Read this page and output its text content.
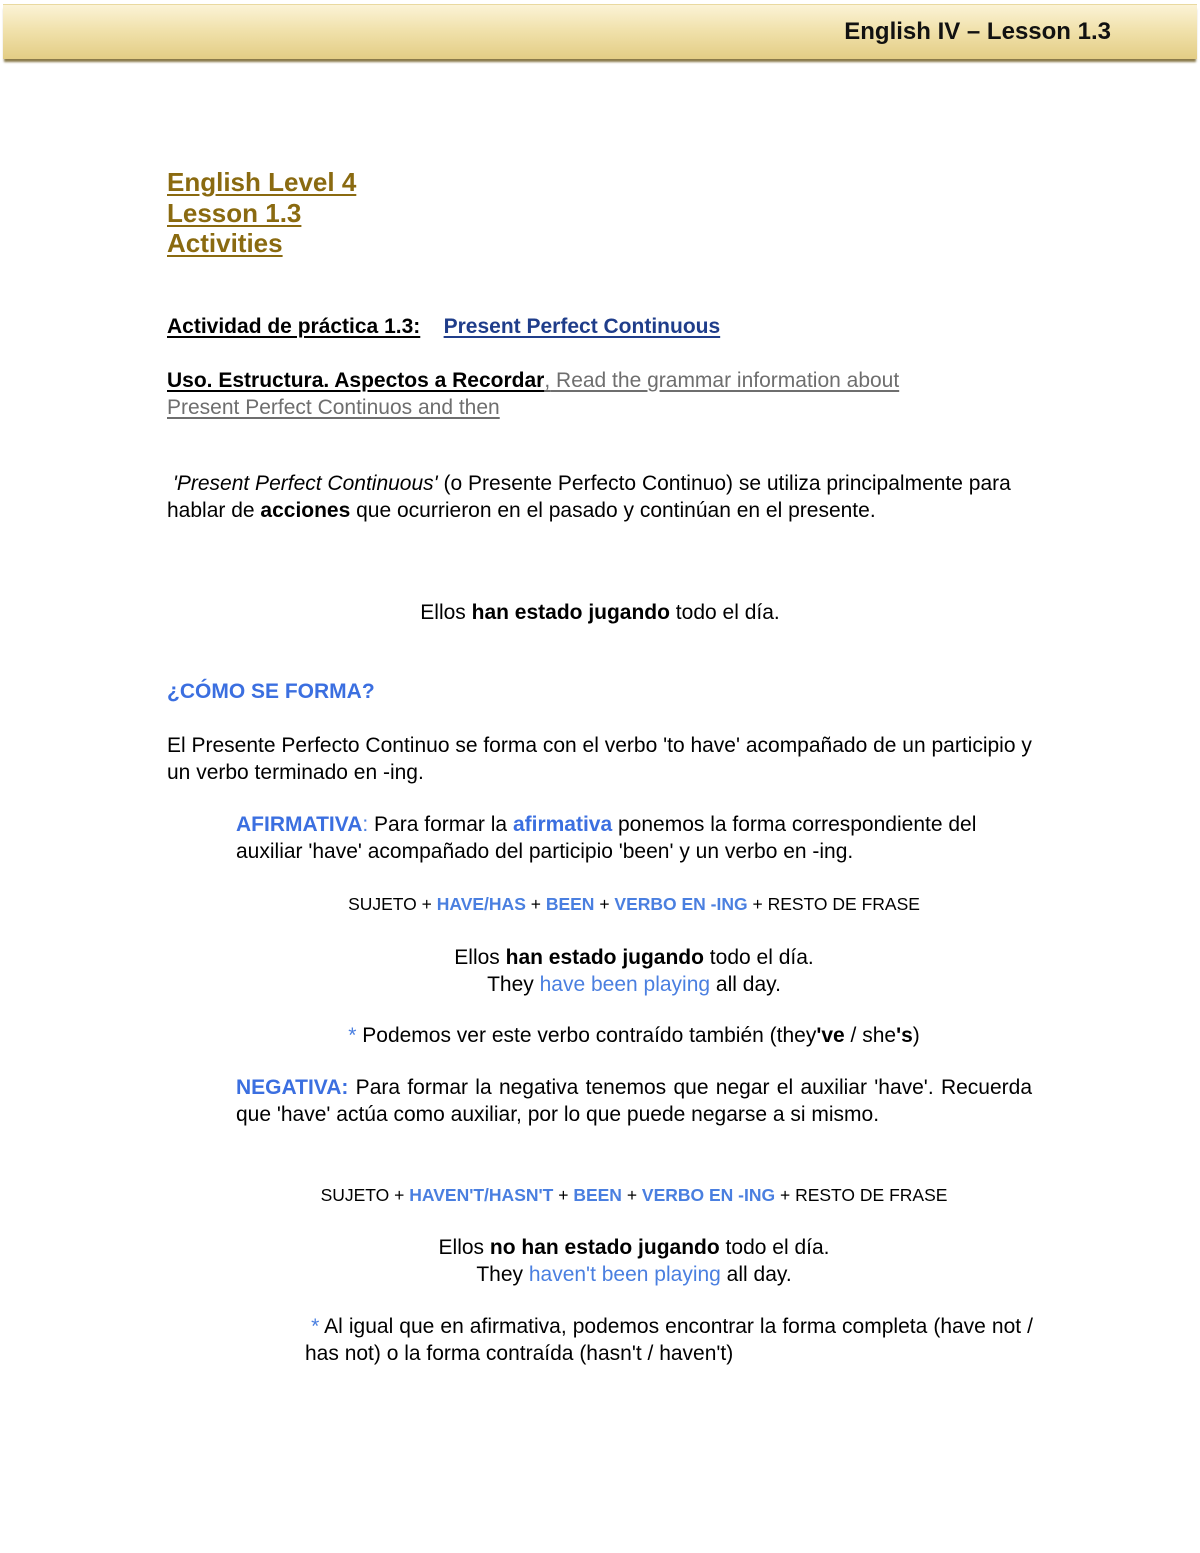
English IV – Lesson 1.3
English Level 4
Lesson 1.3
Activities
Actividad de práctica 1.3: Present Perfect Continuous
Uso. Estructura. Aspectos a Recordar, Read the grammar information about
Present Perfect Continuos and then
'Present Perfect Continuous' (o Presente Perfecto Continuo) se utiliza principalmente para hablar de acciones que ocurrieron en el pasado y continúan en el presente.
Ellos han estado jugando todo el día.
¿CÓMO SE FORMA?
El Presente Perfecto Continuo se forma con el verbo 'to have' acompañado de un participio y un verbo terminado en -ing.
AFIRMATIVA: Para formar la afirmativa ponemos la forma correspondiente del auxiliar 'have' acompañado del participio 'been' y un verbo en -ing.
SUJETO + HAVE/HAS + BEEN + VERBO EN -ING + RESTO DE FRASE
Ellos han estado jugando todo el día.
They have been playing all day.
* Podemos ver este verbo contraído también (they've / she's)
NEGATIVA: Para formar la negativa tenemos que negar el auxiliar 'have'. Recuerda que 'have' actúa como auxiliar, por lo que puede negarse a si mismo.
SUJETO + HAVEN'T/HASN'T + BEEN + VERBO EN -ING + RESTO DE FRASE
Ellos no han estado jugando todo el día.
They haven't been playing all day.
* Al igual que en afirmativa, podemos encontrar la forma completa (have not / has not) o la forma contraída (hasn't / haven't)
